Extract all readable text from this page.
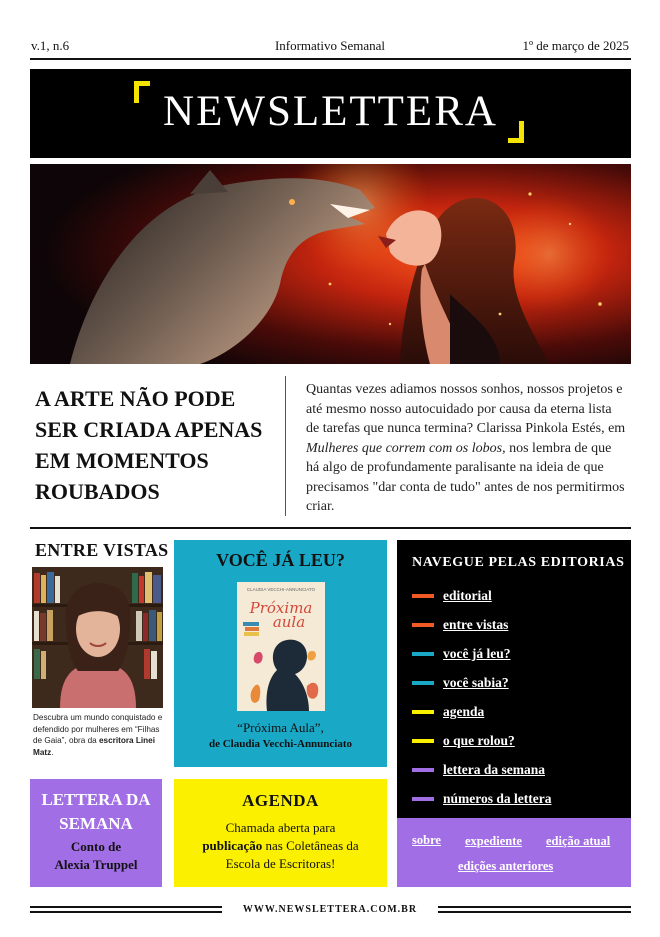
Informativo Semanal
v.1, n.6	1º de março de 2025
NEWSLETTERA
A ARTE NÃO PODE SER CRIADA APENAS EM MOMENTOS ROUBADOS
Quantas vezes adiamos nossos sonhos, nossos projetos e até mesmo nosso autocuidado por causa da eterna lista de tarefas que nunca termina? Clarissa Pinkola Estés, em Mulheres que correm com os lobos, nos lembra de que há algo de profundamente paralisante na ideia de que precisamos "dar conta de tudo" antes de nos permitirmos criar.
ENTRE VISTAS
Descubra um mundo conquistado e defendido por mulheres em “Filhas de Gaia”, obra da escritora Linei Matz.
VOCÊ JÁ LEU?
CLAUDIA VECCHI-ANNUNCIATO
Próxima
aula
“Próxima Aula”,
de Claudia Vecchi-Annunciato
NAVEGUE PELAS EDITORIAS
editorial
entre vistas
você já leu?
você sabia?
agenda
o que rolou?
lettera da semana
números da lettera
sobre expediente edição atual
edições anteriores
LETTERA DA SEMANA
Conto de
Alexia Truppel
AGENDA
Chamada aberta para
publicação nas Coletâneas da
Escola de Escritoras!
WWW.NEWSLETTERA.COM.BR
